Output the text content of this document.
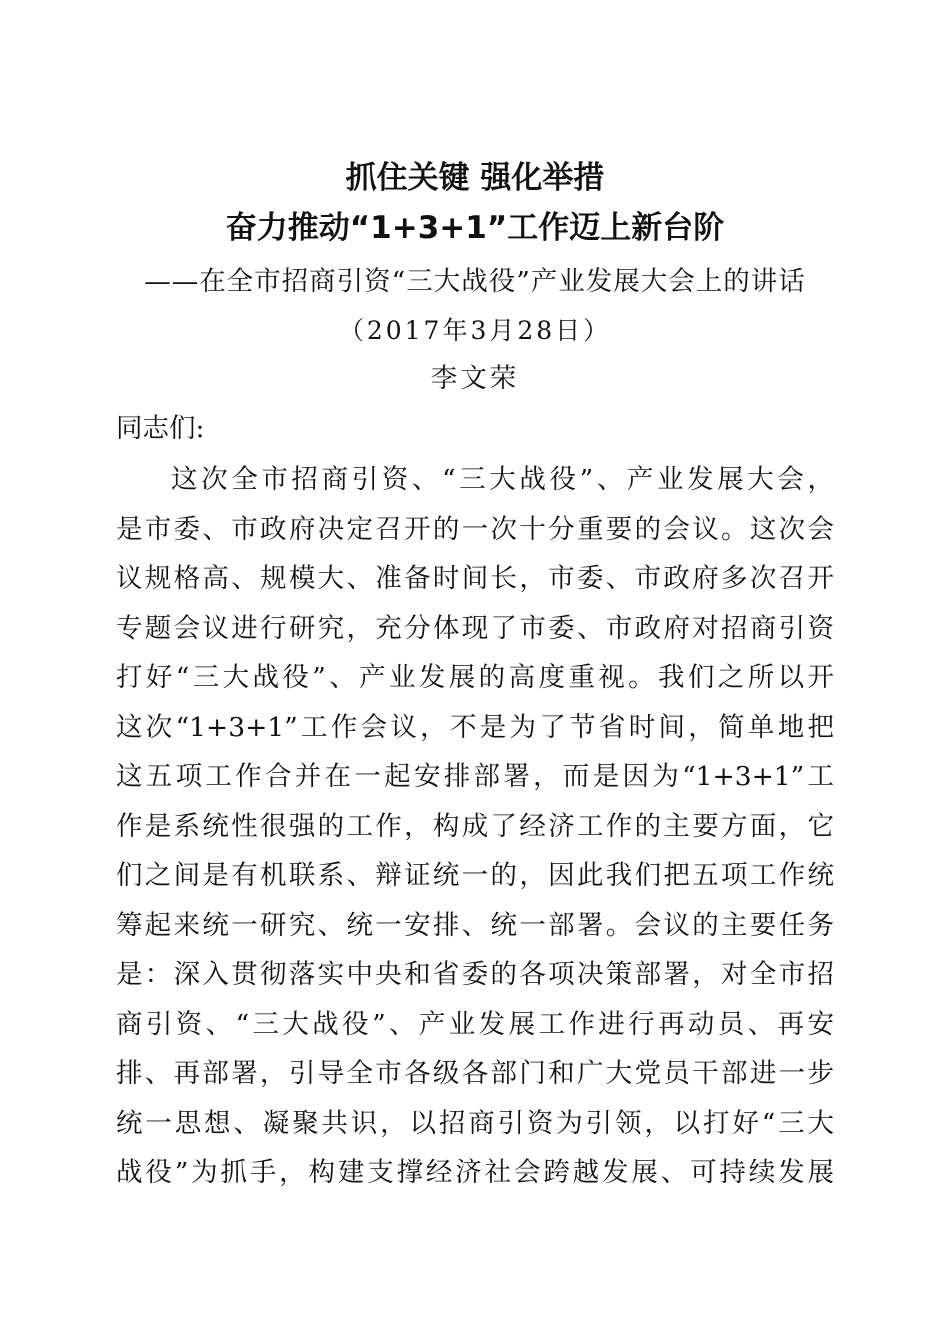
抓住关键 强化举措
奋力推动“1+3+1”工作迈上新台阶
——在全市招商引资“三大战役”产业发展大会上的讲话
（2017年3月28日）
李文荣
同志们:
这次全市招商引资、“三大战役”、产业发展大会，
是市委、市政府决定召开的一次十分重要的会议。这次会
议规格高、规模大、准备时间长，市委、市政府多次召开
专题会议进行研究，充分体现了市委、市政府对招商引资
打好“三大战役”、产业发展的高度重视。我们之所以开
这次“1+3+1”工作会议，不是为了节省时间，简单地把
这五项工作合并在一起安排部署，而是因为“1+3+1”工
作是系统性很强的工作，构成了经济工作的主要方面，它
们之间是有机联系、辩证统一的，因此我们把五项工作统
筹起来统一研究、统一安排、统一部署。会议的主要任务
是：深入贯彻落实中央和省委的各项决策部署，对全市招
商引资、“三大战役”、产业发展工作进行再动员、再安
排、再部署，引导全市各级各部门和广大党员干部进一步
统一思想、凝聚共识，以招商引资为引领，以打好“三大
战役”为抓手，构建支撑经济社会跨越发展、可持续发展
